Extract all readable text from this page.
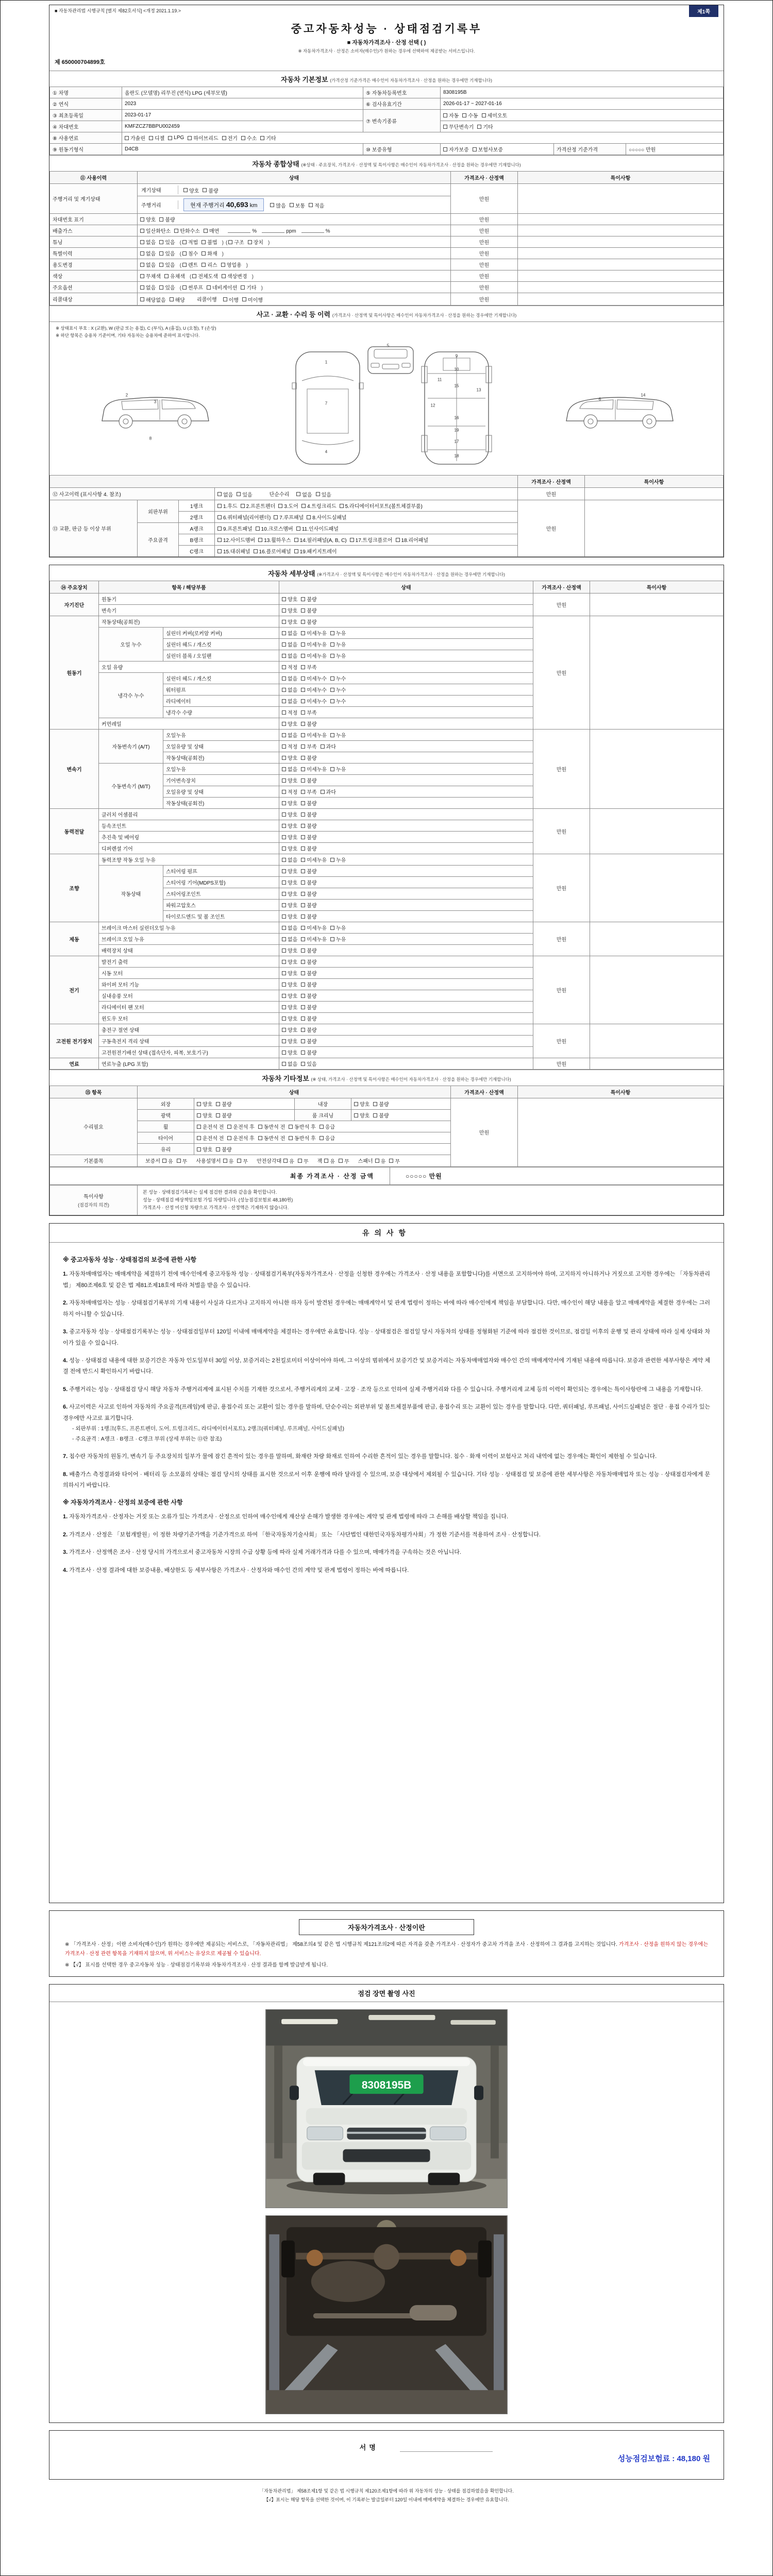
■ 자동차관리법 시행규칙 [별지 제82호서식] <개정 2021.1.19.>	제1쪽
중고자동차성능 · 상태점검기록부
■ 자동차가격조사 · 산정 선택 ( )
※ 자동차가격조사 · 산정은 소비자(매수인)가 원하는 경우에 선택하여 제공받는 서비스입니다.
제 650000704899호
자동차 기본정보 (가격산정 기준가격은 매수인이 자동차가격조사 · 산정을 원하는 경우에만 기재합니다)
① 차명	올란도 (모델명) 리무진 (연식) LPG (세부모델)	⑤ 자동차등록번호	8308195B		
② 연식	2023	⑥ 검사유효기간	2026-01-17 ~ 2027-01-16		
③ 최초등록일	2023-01-17	⑦ 변속기종류	자동 수동 세미오토		

④ 차대번호	KMFZCZ7BBPU002459		무단변속기 기타		

⑧ 사용연료	가솔린 디젤 LPG 하이브리드 전기 수소 기타

⑨ 원동기형식	D4CB	⑩ 보증유형	자가보증 보험사보증	가격산정 기준가격	○○○○○ 만원
자동차 종합상태 (※상태 · 주요장치, 가격조사 · 산정액 및 특이사항은 매수인이 자동차가격조사 · 산정을 원하는 경우에만 기재합니다)
⑪ 사용이력	상태	가격조사 · 산정액	특이사항
주행거리 및 계기상태	계기상태 양호 불량	만원	
	주행거리 현재 주행거리 40,693 km 많음 보통 적음		

차대번호 표기	양호 불량	만원	
배출가스	일산화탄소 탄화수소 매연 % ppm %	만원	
튜닝	없음 있음 ( 적법 불법 ) ( 구조 장치 )	만원	
특별이력	없음 있음 ( 침수 화재 )	만원	
용도변경	없음 있음 ( 렌트 리스 영업용 )	만원	
색상	무채색 유채색 ( 전체도색 색상변경 )	만원	
주요옵션	없음 있음 ( 썬루프 네비게이션 기타 )	만원	
리콜대상	해당없음 해당 리콜이행 이행 미이행	만원	
사고 · 교환 · 수리 등 이력 (가격조사 · 산정액 및 특이사항은 매수인이 자동차가격조사 · 산정을 원하는 경우에만 기재합니다)
※ 상태표시 부호 : X (교환), W (판금 또는 용접), C (부식), A (흠집), U (요철), T (손상)
※ 하단 항목은 승용차 기준이며, 기타 자동차는 승용차에 준하여 표시합니다.
1
2
3
4
5
6
7
8
9
10
11
12
13
14
15
16
17
18
19
				가격조사 · 산정액	특이사항
⑫ 사고이력 (표시사항 4. 참조)			없음 있음 단순수리 없음 있음	만원	
⑬ 교환, 판금 등 이상 부위	외판부위	1랭크	1.후드 2.프론트펜더 3.도어 4.트렁크리드 5.라디에이터서포트(볼트체결부품)	만원	
		2랭크	6.쿼터패널(리어펜더) 7.루프패널 8.사이드실패널		

	주요골격	A랭크	9.프론트패널 10.크로스멤버 11.인사이드패널		

		B랭크	12.사이드멤버 13.휠하우스 14.필러패널(A, B, C) 17.트렁크플로어 18.리어패널		

		C랭크	15.대쉬패널 16.플로어패널 19.패키지트레이		
자동차 세부상태 (※가격조사 · 산정액 및 특이사항은 매수인이 자동차가격조사 · 산정을 원하는 경우에만 기재합니다)
⑭ 주요장치	항목 / 해당부품		상태	가격조사 · 산정액	특이사항
자기진단	원동기		양호 불량	만원	
	변속기		양호 불량		

원동기	작동상태(공회전)		양호 불량	만원	
	오일 누수	실린더 커버(로커암 커버)	없음 미세누유 누유		

		실린더 헤드 / 개스킷	없음 미세누유 누유		

		실린더 블록 / 오일팬	없음 미세누유 누유		

	오일 유량		적정 부족		

	냉각수 누수	실린더 헤드 / 개스킷	없음 미세누수 누수		

		워터펌프	없음 미세누수 누수		

		라디에이터	없음 미세누수 누수		

		냉각수 수량	적정 부족		

	커먼레일		양호 불량		

변속기	자동변속기 (A/T)	오일누유	없음 미세누유 누유	만원	
		오일유량 및 상태	적정 부족 과다		

		작동상태(공회전)	양호 불량		

	수동변속기 (M/T)	오일누유	없음 미세누유 누유		

		기어변속장치	양호 불량		

		오일유량 및 상태	적정 부족 과다		

		작동상태(공회전)	양호 불량		

동력전달	클러치 어셈블리		양호 불량	만원	
	등속조인트		양호 불량		

	추진축 및 베어링		양호 불량		

	디퍼렌셜 기어		양호 불량		

조향	동력조향 작동 오일 누유		없음 미세누유 누유	만원	
	작동상태	스티어링 펌프	양호 불량		

		스티어링 기어(MDPS포함)	양호 불량		

		스티어링조인트	양호 불량		

		파워고압호스	양호 불량		

		타이로드엔드 및 볼 조인트	양호 불량		

제동	브레이크 마스터 실린더오일 누유		없음 미세누유 누유	만원	
	브레이크 오일 누유		없음 미세누유 누유		

	배력장치 상태		양호 불량		

전기	발전기 출력		양호 불량	만원	
	시동 모터		양호 불량		

	와이퍼 모터 기능		양호 불량		

	실내송풍 모터		양호 불량		

	라디에이터 팬 모터		양호 불량		

	윈도우 모터		양호 불량		

고전원 전기장치	충전구 절연 상태		양호 불량	만원	
	구동축전지 격리 상태		양호 불량		

	고전원전기배선 상태 (접속단자, 피복, 보호기구)		양호 불량		

연료	연료누출 (LPG 포함)		없음 있음	만원	
자동차 기타정보 (※ 상태, 가격조사 · 산정액 및 특이사항은 매수인이 자동차가격조사 · 산정을 원하는 경우에만 기재합니다)
⑮ 항목	상태				가격조사 · 산정액	특이사항
수리필요	외장	양호 불량	내장	양호 불량	만원	
	광택	양호 불량	룸 크리닝	양호 불량		

	휠	운전석 전 운전석 후 동반석 전 동반석 후 응급				

	타이어	운전석 전 운전석 후 동반석 전 동반석 후 응급				

	유리	양호 불량				

기본품목	보증서 유 무 사용설명서 유 무 안전삼각대 유 무 잭 유 무 스패너 유 무
최종 가격조사 · 산정 금액	○○○○○ 만원
특이사항
(점검자의 의견)

본 성능 · 상태점검기록부는 실제 점검한 결과와 같음을 확인합니다.
성능 · 상태점검 배상책임보험 가입 차량입니다. (성능점검보험료 48,180원)
가격조사 · 산정 미신청 차량으로 가격조사 · 산정액은 기재하지 않습니다.
유의사항
※ 중고자동차 성능 · 상태점검의 보증에 관한 사항
1. 자동차매매업자는 매매계약을 체결하기 전에 매수인에게 중고자동차 성능 · 상태점검기록부(자동차가격조사 · 산정을 신청한 경우에는 가격조사 · 산정 내용을 포함합니다)를 서면으로 고지하여야 하며, 고지하지 아니하거나 거짓으로 고지한 경우에는 「자동차관리법」 제80조제6호 및 같은 법 제81조제18호에 따라 처벌을 받을 수 있습니다.
2. 자동차매매업자는 성능 · 상태점검기록부의 기재 내용이 사실과 다르거나 고지하지 아니한 하자 등이 발견된 경우에는 매매계약서 및 관계 법령이 정하는 바에 따라 매수인에게 책임을 부담합니다. 다만, 매수인이 해당 내용을 알고 매매계약을 체결한 경우에는 그러하지 아니할 수 있습니다.
3. 중고자동차 성능 · 상태점검기록부는 성능 · 상태점검일부터 120일 이내에 매매계약을 체결하는 경우에만 유효합니다. 성능 · 상태점검은 점검일 당시 자동차의 상태를 정형화된 기준에 따라 점검한 것이므로, 점검일 이후의 운행 및 관리 상태에 따라 실제 상태와 차이가 있을 수 있습니다.
4. 성능 · 상태점검 내용에 대한 보증기간은 자동차 인도일부터 30일 이상, 보증거리는 2천킬로미터 이상이어야 하며, 그 이상의 범위에서 보증기간 및 보증거리는 자동차매매업자와 매수인 간의 매매계약서에 기재된 내용에 따릅니다. 보증과 관련한 세부사항은 계약 체결 전에 반드시 확인하시기 바랍니다.
5. 주행거리는 성능 · 상태점검 당시 해당 자동차 주행거리계에 표시된 수치를 기재한 것으로서, 주행거리계의 교체 · 고장 · 조작 등으로 인하여 실제 주행거리와 다를 수 있습니다. 주행거리계 교체 등의 이력이 확인되는 경우에는 특이사항란에 그 내용을 기재합니다.
6. 사고이력은 사고로 인하여 자동차의 주요골격(프레임)에 판금, 용접수리 또는 교환이 있는 경우를 말하며, 단순수리는 외판부위 및 볼트체결부품에 판금, 용접수리 또는 교환이 있는 경우를 말합니다. 다만, 쿼터패널, 루프패널, 사이드실패널은 절단 · 용접 수리가 있는 경우에만 사고로 표기합니다.
- 외판부위 : 1랭크(후드, 프론트펜더, 도어, 트렁크리드, 라디에이터서포트), 2랭크(쿼터패널, 루프패널, 사이드실패널)
- 주요골격 : A랭크 · B랭크 · C랭크 부위 (상세 부위는 ⑬란 참조)
7. 침수란 자동차의 원동기, 변속기 등 주요장치의 일부가 물에 잠긴 흔적이 있는 경우를 말하며, 화재란 차량 화재로 인하여 수리한 흔적이 있는 경우를 말합니다. 침수 · 화재 이력이 보험사고 처리 내역에 없는 경우에는 확인이 제한될 수 있습니다.
8. 배출가스 측정결과와 타이어 · 배터리 등 소모품의 상태는 점검 당시의 상태를 표시한 것으로서 이후 운행에 따라 달라질 수 있으며, 보증 대상에서 제외될 수 있습니다. 기타 성능 · 상태점검 및 보증에 관한 세부사항은 자동차매매업자 또는 성능 · 상태점검자에게 문의하시기 바랍니다.
※ 자동차가격조사 · 산정의 보증에 관한 사항
1. 자동차가격조사 · 산정자는 거짓 또는 오류가 있는 가격조사 · 산정으로 인하여 매수인에게 재산상 손해가 발생한 경우에는 계약 및 관계 법령에 따라 그 손해를 배상할 책임을 집니다.
2. 가격조사 · 산정은 「보험개발원」이 정한 차량기준가액을 기준가격으로 하여 「한국자동차기술사회」 또는 「사단법인 대한민국자동차평가사회」가 정한 기준서를 적용하여 조사 · 산정합니다.
3. 가격조사 · 산정액은 조사 · 산정 당시의 가격으로서 중고자동차 시장의 수급 상황 등에 따라 실제 거래가격과 다를 수 있으며, 매매가격을 구속하는 것은 아닙니다.
4. 가격조사 · 산정 결과에 대한 보증내용, 배상한도 등 세부사항은 가격조사 · 산정자와 매수인 간의 계약 및 관계 법령이 정하는 바에 따릅니다.
자동차가격조사 · 산정이란
※ 「가격조사 · 산정」이란 소비자(매수인)가 원하는 경우에만 제공되는 서비스로, 「자동차관리법」 제58조의4 및 같은 법 시행규칙 제121조의2에 따른 자격을 갖춘 가격조사 · 산정자가 중고차 가격을 조사 · 산정하여 그 결과를 고지하는 것입니다. 가격조사 · 산정을 원하지 않는 경우에는 가격조사 · 산정 관련 항목을 기재하지 않으며, 위 서비스는 유상으로 제공될 수 있습니다.
※ 【√】 표시를 선택한 경우 중고자동차 성능 · 상태점검기록부와 자동차가격조사 · 산정 결과를 함께 발급받게 됩니다.
점검 장면 촬영 사진
8308195B
서명
성능점검보험료 : 48,180 원
「자동차관리법」 제58조제1항 및 같은 법 시행규칙 제120조제1항에 따라 위 자동차의 성능 · 상태를 점검하였음을 확인합니다.
【√】표시는 해당 항목을 선택한 것이며, 이 기록부는 발급일부터 120일 이내에 매매계약을 체결하는 경우에만 유효합니다.
